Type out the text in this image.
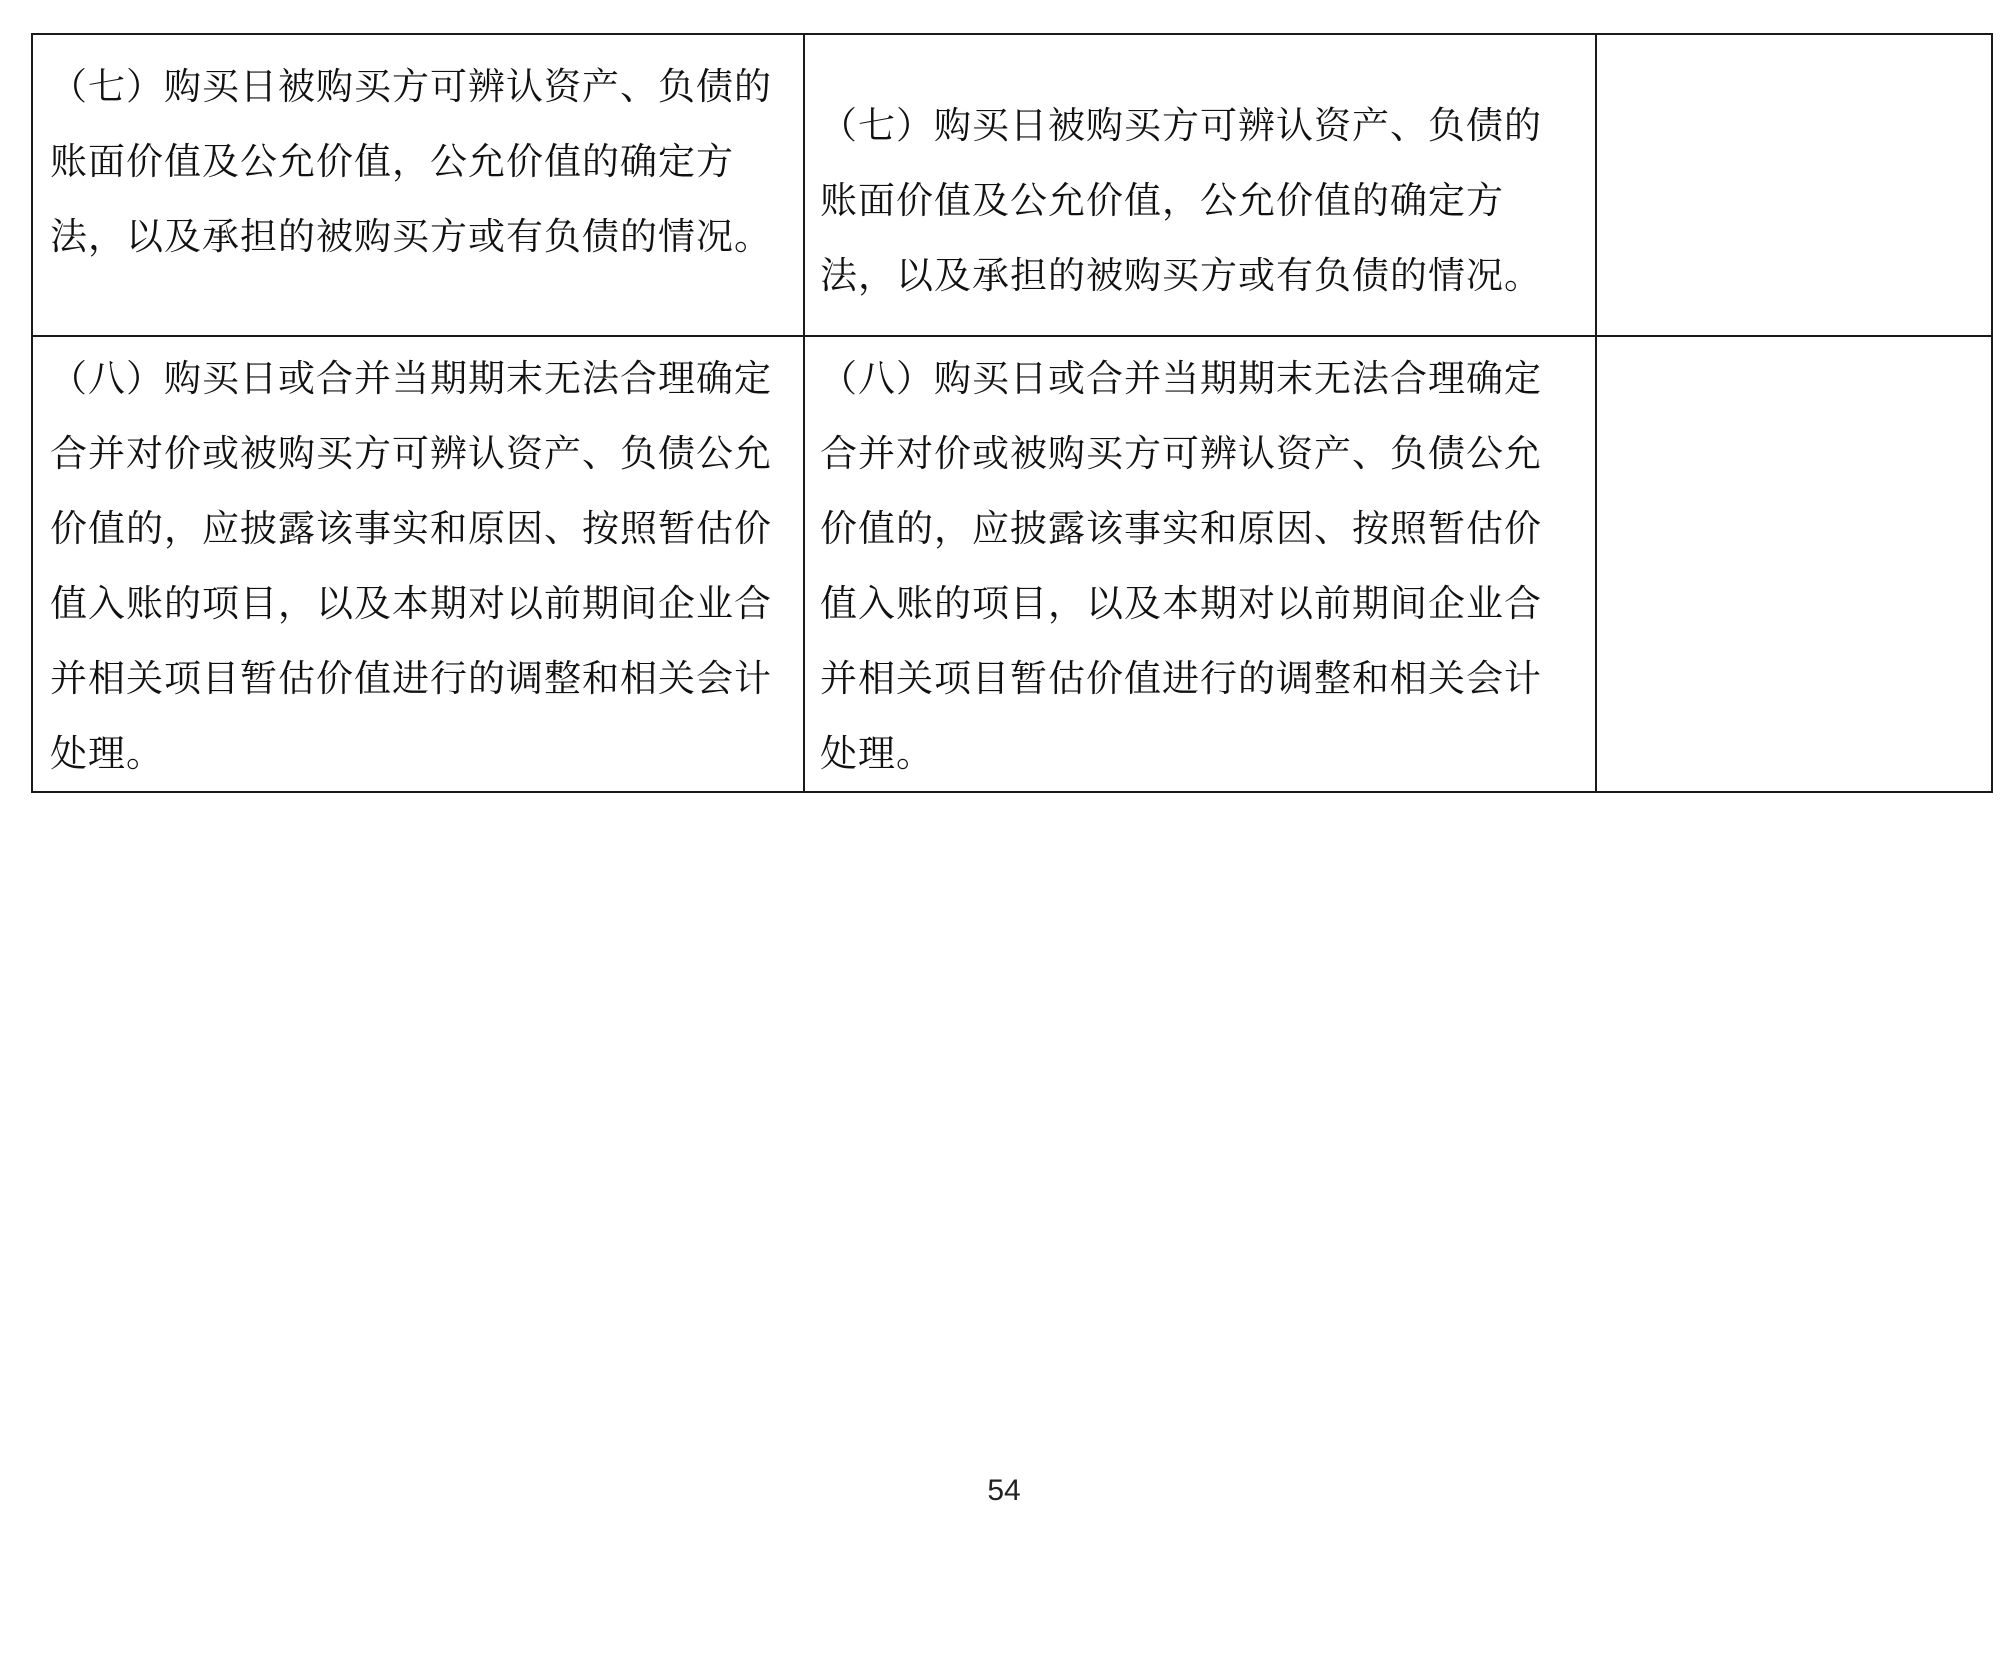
（七）购买日被购买方可辨认资产、负债的账面价值及公允价值，公允价值的确定方法，以及承担的被购买方或有负债的情况。	（七）购买日被购买方可辨认资产、负债的账面价值及公允价值，公允价值的确定方法，以及承担的被购买方或有负债的情况。	

（八）购买日或合并当期期末无法合理确定合并对价或被购买方可辨认资产、负债公允价值的，应披露该事实和原因、按照暂估价值入账的项目，以及本期对以前期间企业合并相关项目暂估价值进行的调整和相关会计处理。	（八）购买日或合并当期期末无法合理确定合并对价或被购买方可辨认资产、负债公允价值的，应披露该事实和原因、按照暂估价值入账的项目，以及本期对以前期间企业合并相关项目暂估价值进行的调整和相关会计处理。	

54
